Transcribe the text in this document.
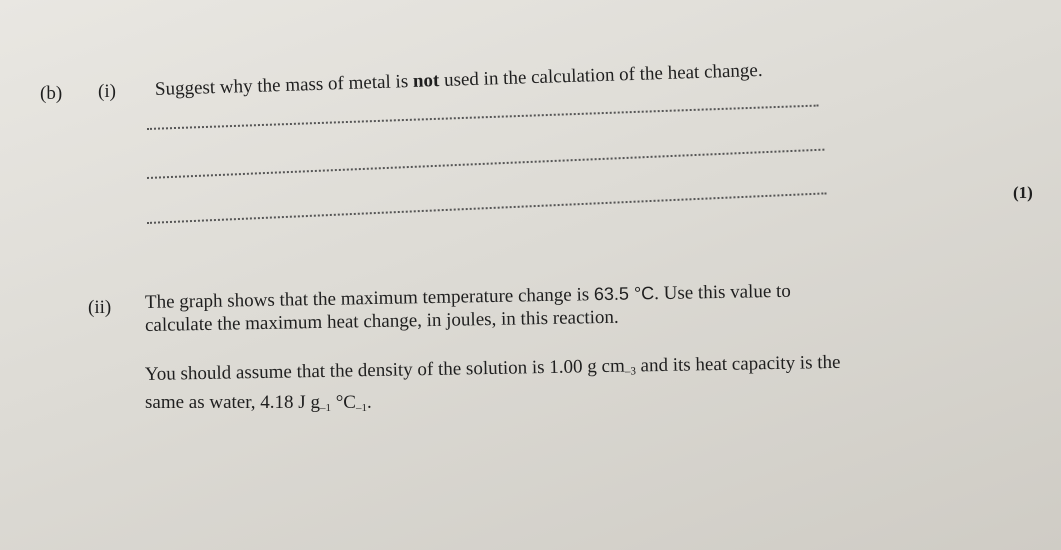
(b) (i) Suggest why the mass of metal is not used in the calculation of the heat change.
(1)
(ii) The graph shows that the maximum temperature change is 63.5 °C. Use this value to
calculate the maximum heat change, in joules, in this reaction.
You should assume that the density of the solution is 1.00 g $cm_{-3}$ and its heat capacity is the
same as water, 4.18 J $g_{-1}$ $^\circ C_{-1}$.
